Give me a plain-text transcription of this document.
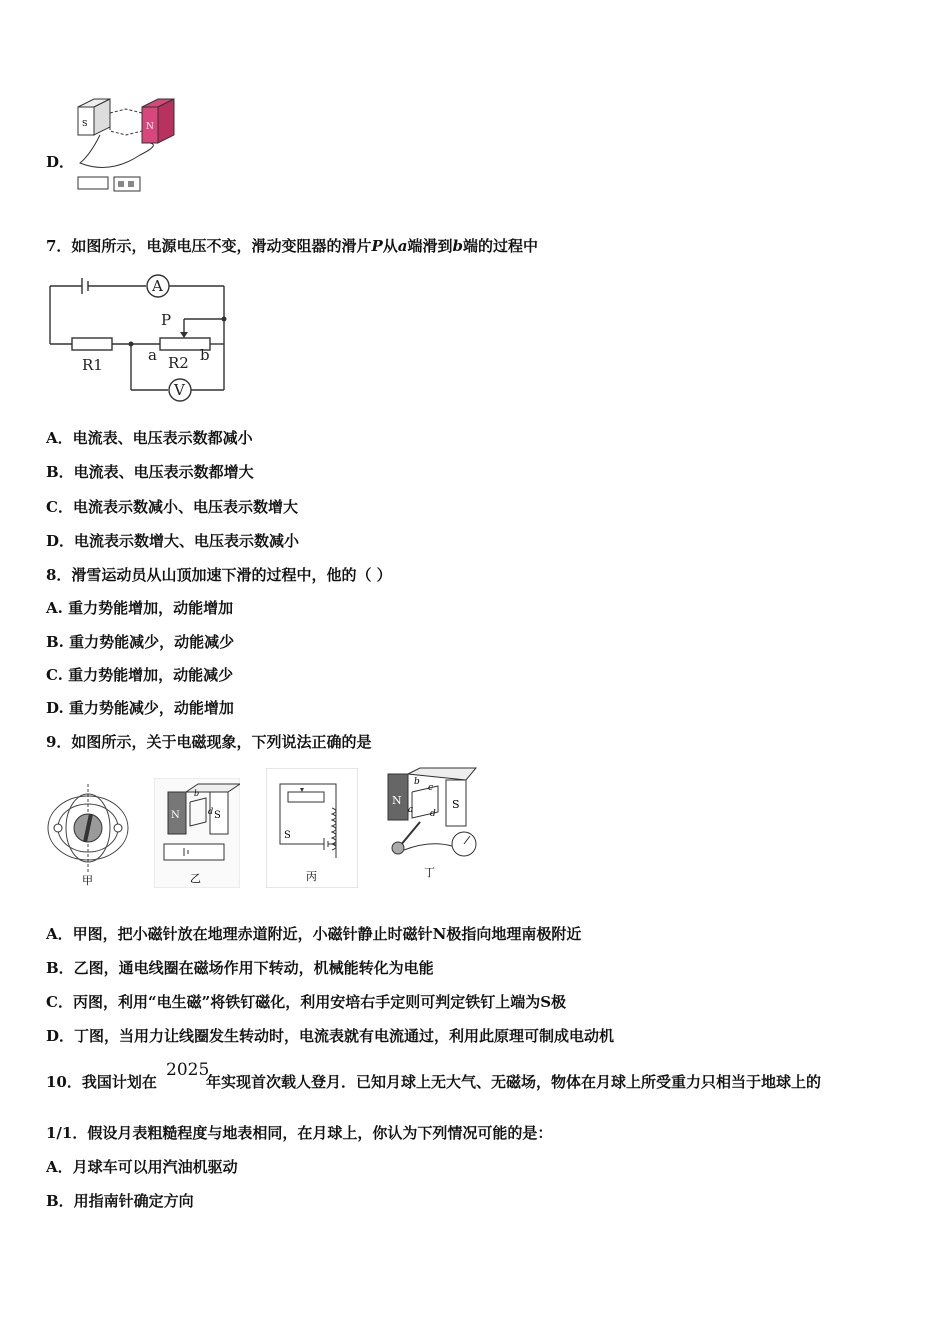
D．
S	N
7．如图所示，电源电压不变，滑动变阻器的滑片P从a端滑到b端的过程中
A
V
R1	R2
P
a	b
A．电流表、电压表示数都减小
B．电流表、电压表示数都增大
C．电流表示数减小、电压表示数增大
D．电流表示数增大、电压表示数减小
8．滑雪运动员从山顶加速下滑的过程中，他的（ ）
A. 重力势能增加，动能增加
B. 重力势能减少，动能减少
C. 重力势能增加，动能减少
D. 重力势能减少，动能增加
9．如图所示，关于电磁现象，下列说法正确的是
甲
N	S
b
d
乙
S
丙
N	S
b
c
d
a
丁
A．甲图，把小磁针放在地理赤道附近，小磁针静止时磁针N极指向地理南极附近
B．乙图，通电线圈在磁场作用下转动，机械能转化为电能
C．丙图，利用“电生磁”将铁钉磁化，利用安培右手定则可判定铁钉上端为S极
D．丁图，当用力让线圈发生转动时，电流表就有电流通过，利用此原理可制成电动机
10．我国计划在
2025
年实现首次载人登月．已知月球上无大气、无磁场，物体在月球上所受重力只相当于地球上的
1/1．假设月表粗糙程度与地表相同，在月球上，你认为下列情况可能的是：
A．月球车可以用汽油机驱动
B．用指南针确定方向
